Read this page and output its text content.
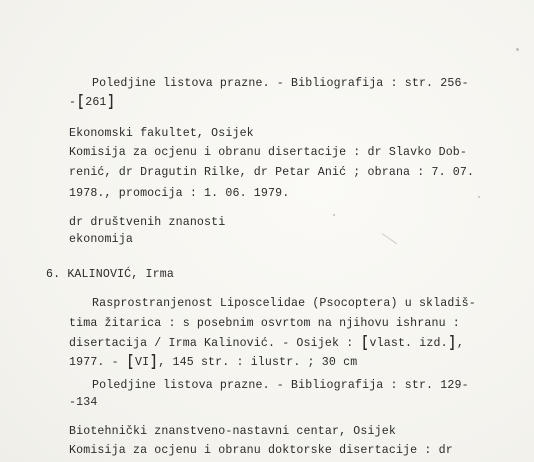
Poledjine listova prazne. - Bibliografija : str. 256-
-[261]
Ekonomski fakultet, Osijek
Komisija za ocjenu i obranu disertacije : dr Slavko Dob-
renić, dr Dragutin Rilke, dr Petar Anić ; obrana : 7. 07.
1978., promocija : 1. 06. 1979.
dr društvenih znanosti
ekonomija
6. KALINOVIĆ, Irma
Rasprostranjenost Liposcelidae (Psocoptera) u skladiš-
tima žitarica : s posebnim osvrtom na njihovu ishranu :
disertacija / Irma Kalinović. - Osijek : [vlast. izd.],
1977. - [VI], 145 str. : ilustr. ; 30 cm
Poledjine listova prazne. - Bibliografija : str. 129-
-134
Biotehnički znanstveno-nastavni centar, Osijek
Komisija za ocjenu i obranu doktorske disertacije : dr
